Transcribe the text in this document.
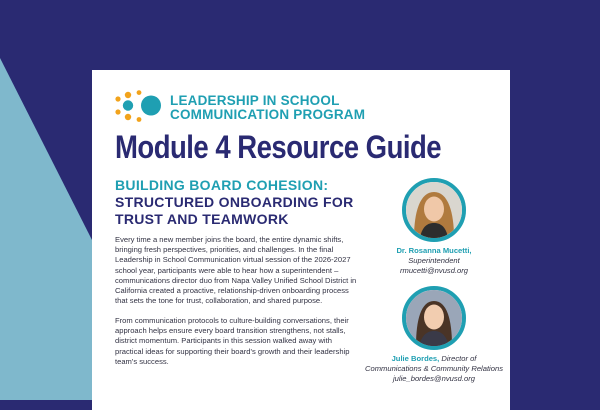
LEADERSHIP IN SCHOOL
COMMUNICATION PROGRAM
Module 4 Resource Guide
BUILDING BOARD COHESION:
STRUCTURED ONBOARDING FOR
TRUST AND TEAMWORK
Every time a new member joins the board, the entire dynamic shifts, bringing fresh perspectives, priorities, and challenges. In the final Leadership in School Communication virtual session of the 2026-2027 school year, participants were able to hear how a superintendent – communications director duo from Napa Valley Unified School District in California created a proactive, relationship-driven onboarding process that sets the tone for trust, collaboration, and shared purpose.
From communication protocols to culture-building conversations, their approach helps ensure every board transition strengthens, not stalls, district momentum. Participants in this session walked away with practical ideas for supporting their board's growth and their leadership team's success.
Dr. Rosanna Mucetti,
Superintendent
rmucetti@nvusd.org
Julie Bordes, Director of
Communications & Community Relations
julie_bordes@nvusd.org
